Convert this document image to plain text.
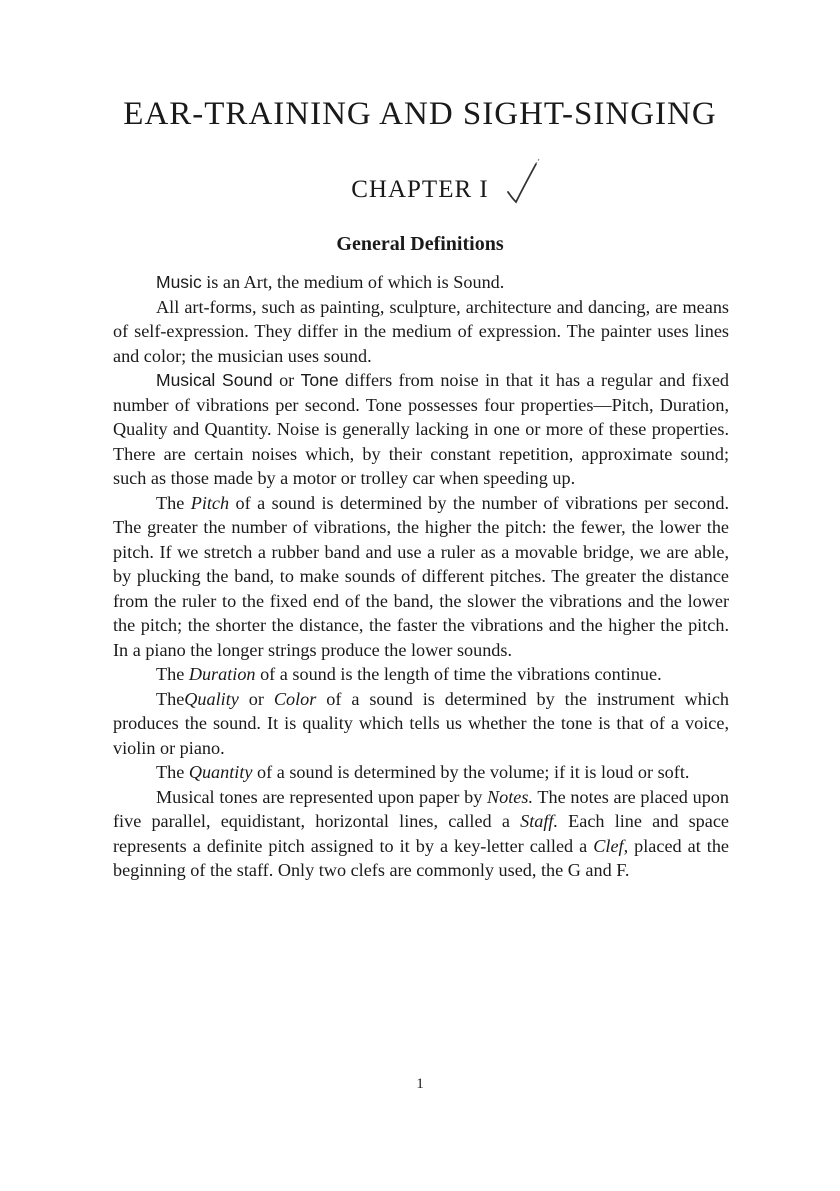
EAR-TRAINING AND SIGHT-SINGING
CHAPTER I
General Definitions

Music is an Art, the medium of which is Sound.

All art-forms, such as painting, sculpture, architecture and dancing, are means of self-expression. They differ in the medium of expression. The painter uses lines and color; the musician uses sound.

Musical Sound or Tone differs from noise in that it has a regular and fixed number of vibrations per second. Tone possesses four properties—Pitch, Duration, Quality and Quantity. Noise is generally lacking in one or more of these properties. There are certain noises which, by their constant repetition, approximate sound; such as those made by a motor or trolley car when speeding up.

The Pitch of a sound is determined by the number of vibrations per second. The greater the number of vibrations, the higher the pitch: the fewer, the lower the pitch. If we stretch a rubber band and use a ruler as a movable bridge, we are able, by plucking the band, to make sounds of different pitches. The greater the distance from the ruler to the fixed end of the band, the slower the vibrations and the lower the pitch; the shorter the distance, the faster the vibrations and the higher the pitch. In a piano the longer strings produce the lower sounds.

The Duration of a sound is the length of time the vibrations continue.

TheQuality or Color of a sound is determined by the instrument which produces the sound. It is quality which tells us whether the tone is that of a voice, violin or piano.

The Quantity of a sound is determined by the volume; if it is loud or soft.

Musical tones are represented upon paper by Notes. The notes are placed upon five parallel, equidistant, horizontal lines, called a Staff. Each line and space represents a definite pitch assigned to it by a key-letter called a Clef, placed at the beginning of the staff. Only two clefs are commonly used, the G and F.

1
